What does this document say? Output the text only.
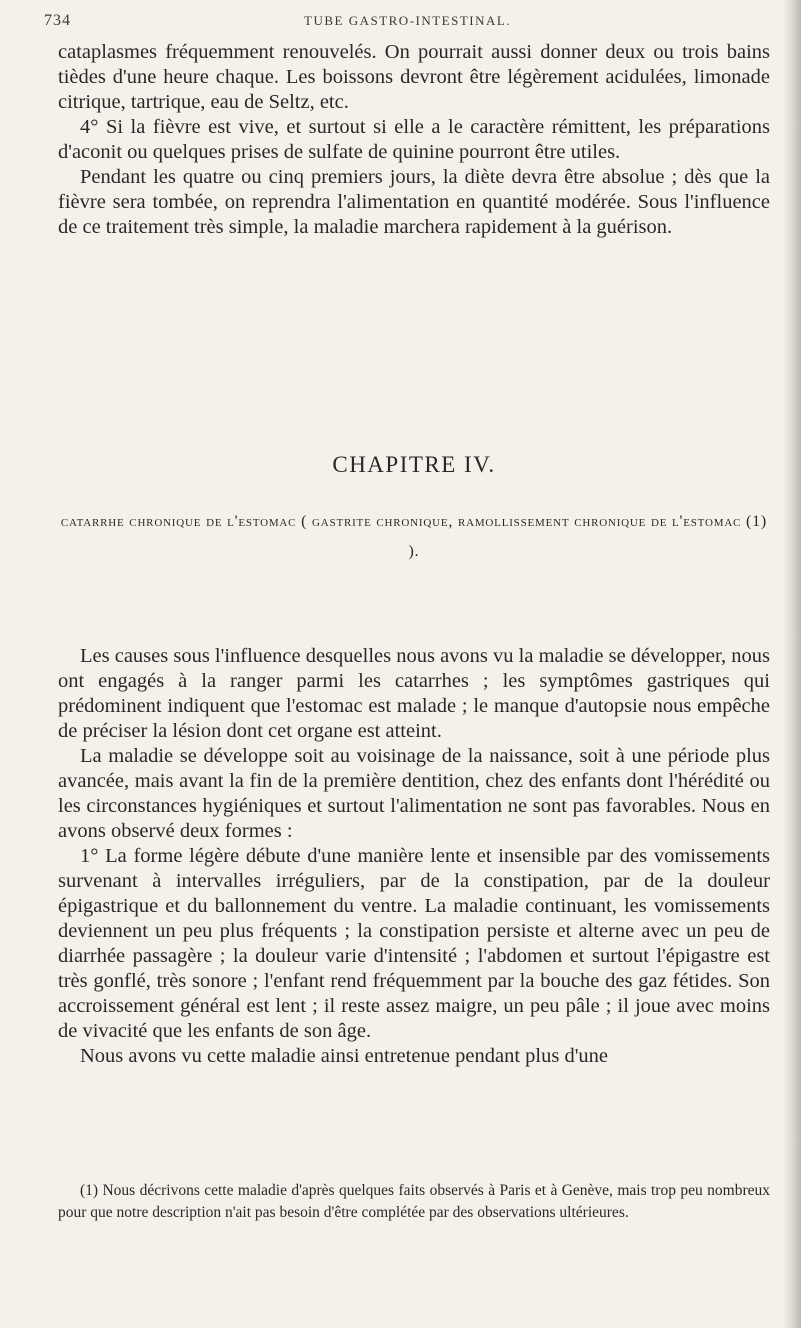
734	TUBE GASTRO-INTESTINAL.

cataplasmes fréquemment renouvelés. On pourrait aussi donner deux ou trois bains tièdes d'une heure chaque. Les boissons devront être légèrement acidulées, limonade citrique, tartrique, eau de Seltz, etc.

4° Si la fièvre est vive, et surtout si elle a le caractère rémittent, les préparations d'aconit ou quelques prises de sulfate de quinine pourront être utiles.

Pendant les quatre ou cinq premiers jours, la diète devra être absolue ; dès que la fièvre sera tombée, on reprendra l'alimentation en quantité modérée. Sous l'influence de ce traitement très simple, la maladie marchera rapidement à la guérison.

CHAPITRE IV.
catarrhe chronique de l'estomac ( gastrite chronique, ramollissement chronique de l'estomac (1) ).

Les causes sous l'influence desquelles nous avons vu la maladie se développer, nous ont engagés à la ranger parmi les catarrhes ; les symptômes gastriques qui prédominent indiquent que l'estomac est malade ; le manque d'autopsie nous empêche de préciser la lésion dont cet organe est atteint.

La maladie se développe soit au voisinage de la naissance, soit à une période plus avancée, mais avant la fin de la première dentition, chez des enfants dont l'hérédité ou les circonstances hygiéniques et surtout l'alimentation ne sont pas favorables. Nous en avons observé deux formes :

1° La forme légère débute d'une manière lente et insensible par des vomissements survenant à intervalles irréguliers, par de la constipation, par de la douleur épigastrique et du ballonnement du ventre. La maladie continuant, les vomissements deviennent un peu plus fréquents ; la constipation persiste et alterne avec un peu de diarrhée passagère ; la douleur varie d'intensité ; l'abdomen et surtout l'épigastre est très gonflé, très sonore ; l'enfant rend fréquemment par la bouche des gaz fétides. Son accroissement général est lent ; il reste assez maigre, un peu pâle ; il joue avec moins de vivacité que les enfants de son âge.

Nous avons vu cette maladie ainsi entretenue pendant plus d'une

(1) Nous décrivons cette maladie d'après quelques faits observés à Paris et à Genève, mais trop peu nombreux pour que notre description n'ait pas besoin d'être complétée par des observations ultérieures.
